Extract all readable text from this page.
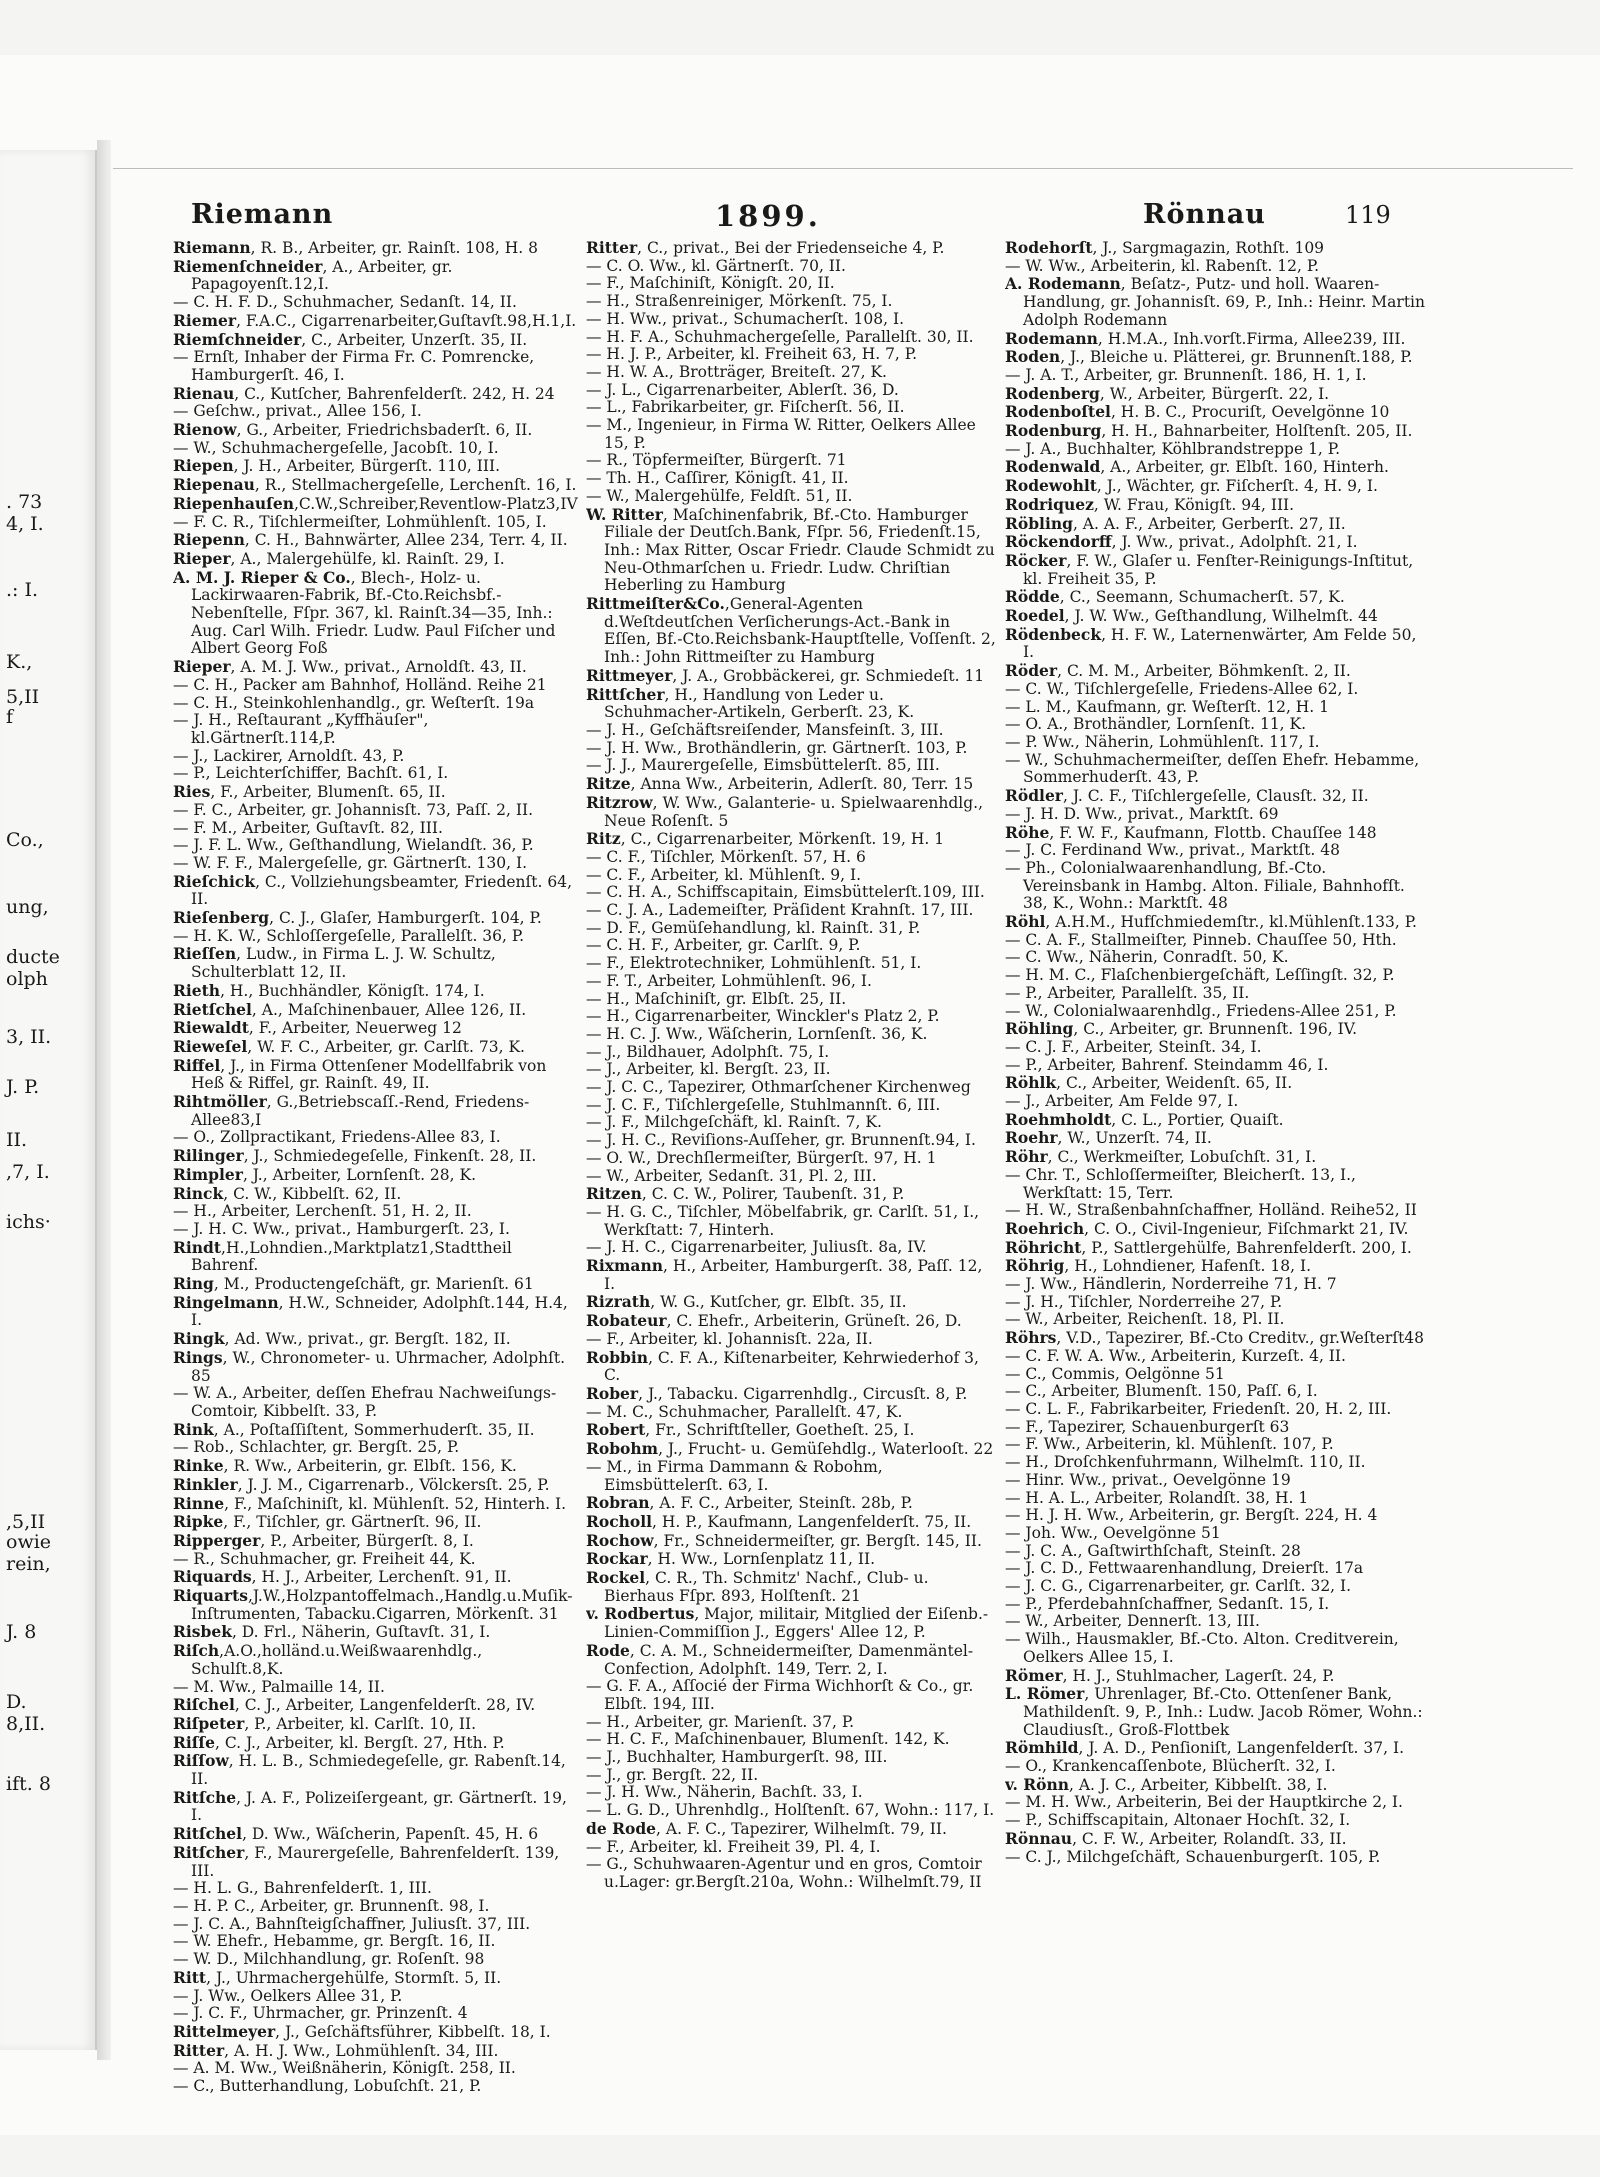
. 73
4, I.
.: I.
K.,
5,II
f
Co.,
ung,
ducte
olph
3, II.
J. P.
II.
,7, I.
ichs·
,5,II
owie
rein,
J. 8
D.
8,II.
ift. 8
Riemann	1899.	Rönnau	119

Riemann, R. B., Arbeiter, gr. Rainſt. 108, H. 8

Riemenſchneider, A., Arbeiter, gr. Papagoyenſt.12,I.

— C. H. F. D., Schuhmacher, Sedanſt. 14, II.

Riemer, F.A.C., Cigarrenarbeiter,Guſtavſt.98,H.1,I.

Riemſchneider, C., Arbeiter, Unzerſt. 35, II.

— Ernſt, Inhaber der Firma Fr. C. Pomrencke, Hamburgerſt. 46, I.

Rienau, C., Kutſcher, Bahrenfelderſt. 242, H. 24

— Geſchw., privat., Allee 156, I.

Rienow, G., Arbeiter, Friedrichsbaderſt. 6, II.

— W., Schuhmachergeſelle, Jacobſt. 10, I.

Riepen, J. H., Arbeiter, Bürgerſt. 110, III.

Riepenau, R., Stellmachergeſelle, Lerchenſt. 16, I.

Riepenhauſen,C.W.,Schreiber,Reventlow-Platz3,IV

— F. C. R., Tiſchlermeiſter, Lohmühlenſt. 105, I.

Riepenn, C. H., Bahnwärter, Allee 234, Terr. 4, II.

Rieper, A., Malergehülfe, kl. Rainſt. 29, I.

A. M. J. Rieper & Co., Blech-, Holz- u. Lackirwaaren-Fabrik, Bf.-Cto.Reichsbf.-Nebenſtelle, Fſpr. 367, kl. Rainſt.34—35, Inh.: Aug. Carl Wilh. Friedr. Ludw. Paul Fiſcher und Albert Georg Foß

Rieper, A. M. J. Ww., privat., Arnoldſt. 43, II.

— C. H., Packer am Bahnhof, Holländ. Reihe 21

— C. H., Steinkohlenhandlg., gr. Weſterſt. 19a

— J. H., Reſtaurant „Kyffhäuſer", kl.Gärtnerſt.114,P.

— J., Lackirer, Arnoldſt. 43, P.

— P., Leichterſchiffer, Bachſt. 61, I.

Ries, F., Arbeiter, Blumenſt. 65, II.

— F. C., Arbeiter, gr. Johannisſt. 73, Paſſ. 2, II.

— F. M., Arbeiter, Guſtavſt. 82, III.

— J. F. L. Ww., Geſthandlung, Wielandſt. 36, P.

— W. F. F., Malergeſelle, gr. Gärtnerſt. 130, I.

Rieſchick, C., Vollziehungsbeamter, Friedenſt. 64, II.

Rieſenberg, C. J., Glaſer, Hamburgerſt. 104, P.

— H. K. W., Schloſſergeſelle, Parallelſt. 36, P.

Rieſſen, Ludw., in Firma L. J. W. Schultz, Schulterblatt 12, II.

Rieth, H., Buchhändler, Königſt. 174, I.

Rietſchel, A., Maſchinenbauer, Allee 126, II.

Riewaldt, F., Arbeiter, Neuerweg 12

Rieweſel, W. F. C., Arbeiter, gr. Carlſt. 73, K.

Riffel, J., in Firma Ottenſener Modellfabrik von Heß & Riffel, gr. Rainſt. 49, II.

Rihtmöller, G.,Betriebscaſſ.-Rend, Friedens-Allee83,I

— O., Zollpractikant, Friedens-Allee 83, I.

Rilinger, J., Schmiedegeſelle, Finkenſt. 28, II.

Rimpler, J., Arbeiter, Lornſenſt. 28, K.

Rinck, C. W., Kibbelſt. 62, II.

— H., Arbeiter, Lerchenſt. 51, H. 2, II.

— J. H. C. Ww., privat., Hamburgerſt. 23, I.

Rindt,H.,Lohndien.,Marktplatz1,Stadttheil Bahrenf.

Ring, M., Productengeſchäft, gr. Marienſt. 61

Ringelmann, H.W., Schneider, Adolphſt.144, H.4, I.

Ringk, Ad. Ww., privat., gr. Bergſt. 182, II.

Rings, W., Chronometer- u. Uhrmacher, Adolphſt. 85

— W. A., Arbeiter, deſſen Ehefrau Nachweiſungs-Comtoir, Kibbelſt. 33, P.

Rink, A., Poſtaſſiſtent, Sommerhuderſt. 35, II.

— Rob., Schlachter, gr. Bergſt. 25, P.

Rinke, R. Ww., Arbeiterin, gr. Elbſt. 156, K.

Rinkler, J. J. M., Cigarrenarb., Völckersſt. 25, P.

Rinne, F., Maſchiniſt, kl. Mühlenſt. 52, Hinterh. I.

Ripke, F., Tiſchler, gr. Gärtnerſt. 96, II.

Ripperger, P., Arbeiter, Bürgerſt. 8, I.

— R., Schuhmacher, gr. Freiheit 44, K.

Riquards, H. J., Arbeiter, Lerchenſt. 91, II.

Riquarts,J.W.,Holzpantoffelmach.,Handlg.u.Muſik-Inſtrumenten, Tabacku.Cigarren, Mörkenſt. 31

Risbek, D. Frl., Näherin, Guſtavſt. 31, I.

Riſch,A.O.,holländ.u.Weißwaarenhdlg., Schulſt.8,K.

— M. Ww., Palmaille 14, II.

Riſchel, C. J., Arbeiter, Langenfelderſt. 28, IV.

Riſpeter, P., Arbeiter, kl. Carlſt. 10, II.

Riſſe, C. J., Arbeiter, kl. Bergſt. 27, Hth. P.

Riſſow, H. L. B., Schmiedegeſelle, gr. Rabenſt.14, II.

Ritſche, J. A. F., Polizeiſergeant, gr. Gärtnerſt. 19, I.

Ritſchel, D. Ww., Wäſcherin, Papenſt. 45, H. 6

Ritſcher, F., Maurergeſelle, Bahrenfelderſt. 139, III.

— H. L. G., Bahrenfelderſt. 1, III.

— H. P. C., Arbeiter, gr. Brunnenſt. 98, I.

— J. C. A., Bahnſteigſchaffner, Juliusſt. 37, III.

— W. Ehefr., Hebamme, gr. Bergſt. 16, II.

— W. D., Milchhandlung, gr. Roſenſt. 98

Ritt, J., Uhrmachergehülfe, Stormſt. 5, II.

— J. Ww., Oelkers Allee 31, P.

— J. C. F., Uhrmacher, gr. Prinzenſt. 4

Rittelmeyer, J., Geſchäftsführer, Kibbelſt. 18, I.

Ritter, A. H. J. Ww., Lohmühlenſt. 34, III.

— A. M. Ww., Weißnäherin, Königſt. 258, II.

— C., Butterhandlung, Lobuſchſt. 21, P.

Ritter, C., privat., Bei der Friedenseiche 4, P.

— C. O. Ww., kl. Gärtnerſt. 70, II.

— F., Maſchiniſt, Königſt. 20, II.

— H., Straßenreiniger, Mörkenſt. 75, I.

— H. Ww., privat., Schumacherſt. 108, I.

— H. F. A., Schuhmachergeſelle, Parallelſt. 30, II.

— H. J. P., Arbeiter, kl. Freiheit 63, H. 7, P.

— H. W. A., Brotträger, Breiteſt. 27, K.

— J. L., Cigarrenarbeiter, Ablerſt. 36, D.

— L., Fabrikarbeiter, gr. Fiſcherſt. 56, II.

— M., Ingenieur, in Firma W. Ritter, Oelkers Allee 15, P.

— R., Töpfermeiſter, Bürgerſt. 71

— Th. H., Caſſirer, Königſt. 41, II.

— W., Malergehülfe, Feldſt. 51, II.

W. Ritter, Maſchinenfabrik, Bf.-Cto. Hamburger Filiale der Deutſch.Bank, Fſpr. 56, Friedenſt.15, Inh.: Max Ritter, Oscar Friedr. Claude Schmidt zu Neu-Othmarſchen u. Friedr. Ludw. Chriſtian Heberling zu Hamburg

Rittmeiſter&Co.,General-Agenten d.Weſtdeutſchen Verſicherungs-Act.-Bank in Eſſen, Bf.-Cto.Reichsbank-Hauptſtelle, Voſſenſt. 2, Inh.: John Rittmeiſter zu Hamburg

Rittmeyer, J. A., Grobbäckerei, gr. Schmiedeſt. 11

Rittſcher, H., Handlung von Leder u. Schuhmacher-Artikeln, Gerberſt. 23, K.

— J. H., Geſchäftsreiſender, Mansfeinſt. 3, III.

— J. H. Ww., Brothändlerin, gr. Gärtnerſt. 103, P.

— J. J., Maurergeſelle, Eimsbüttelerſt. 85, III.

Ritze, Anna Ww., Arbeiterin, Adlerſt. 80, Terr. 15

Ritzrow, W. Ww., Galanterie- u. Spielwaarenhdlg., Neue Roſenſt. 5

Ritz, C., Cigarrenarbeiter, Mörkenſt. 19, H. 1

— C. F., Tiſchler, Mörkenſt. 57, H. 6

— C. F., Arbeiter, kl. Mühlenſt. 9, I.

— C. H. A., Schiffscapitain, Eimsbüttelerſt.109, III.

— C. J. A., Lademeiſter, Präſident Krahnſt. 17, III.

— D. F., Gemüſehandlung, kl. Rainſt. 31, P.

— C. H. F., Arbeiter, gr. Carlſt. 9, P.

— F., Elektrotechniker, Lohmühlenſt. 51, I.

— F. T., Arbeiter, Lohmühlenſt. 96, I.

— H., Maſchiniſt, gr. Elbſt. 25, II.

— H., Cigarrenarbeiter, Winckler's Platz 2, P.

— H. C. J. Ww., Wäſcherin, Lornſenſt. 36, K.

— J., Bildhauer, Adolphſt. 75, I.

— J., Arbeiter, kl. Bergſt. 23, II.

— J. C. C., Tapezirer, Othmarſchener Kirchenweg

— J. C. F., Tiſchlergeſelle, Stuhlmannſt. 6, III.

— J. F., Milchgeſchäft, kl. Rainſt. 7, K.

— J. H. C., Reviſions-Auſſeher, gr. Brunnenſt.94, I.

— O. W., Drechſlermeiſter, Bürgerſt. 97, H. 1

— W., Arbeiter, Sedanſt. 31, Pl. 2, III.

Ritzen, C. C. W., Polirer, Taubenſt. 31, P.

— H. G. C., Tiſchler, Möbelfabrik, gr. Carlſt. 51, I., Werkſtatt: 7, Hinterh.

— J. H. C., Cigarrenarbeiter, Juliusſt. 8a, IV.

Rixmann, H., Arbeiter, Hamburgerſt. 38, Paſſ. 12, I.

Rizrath, W. G., Kutſcher, gr. Elbſt. 35, II.

Robateur, C. Ehefr., Arbeiterin, Grüneſt. 26, D.

— F., Arbeiter, kl. Johannisſt. 22a, II.

Robbin, C. F. A., Kiſtenarbeiter, Kehrwiederhof 3, C.

Rober, J., Tabacku. Cigarrenhdlg., Circusſt. 8, P.

— M. C., Schuhmacher, Parallelſt. 47, K.

Robert, Fr., Schriftſteller, Goetheſt. 25, I.

Robohm, J., Frucht- u. Gemüſehdlg., Waterlooſt. 22

— M., in Firma Dammann & Robohm, Eimsbüttelerſt. 63, I.

Robran, A. F. C., Arbeiter, Steinſt. 28b, P.

Rocholl, H. P., Kaufmann, Langenfelderſt. 75, II.

Rochow, Fr., Schneidermeiſter, gr. Bergſt. 145, II.

Rockar, H. Ww., Lornſenplatz 11, II.

Rockel, C. R., Th. Schmitz' Nachf., Club- u. Bierhaus Fſpr. 893, Holſtenſt. 21

v. Rodbertus, Major, militair, Mitglied der Eiſenb.-Linien-Commiſſion J., Eggers' Allee 12, P.

Rode, C. A. M., Schneidermeiſter, Damenmäntel-Confection, Adolphſt. 149, Terr. 2, I.

— G. F. A., Aſſocié der Firma Wichhorſt & Co., gr. Elbſt. 194, III.

— H., Arbeiter, gr. Marienſt. 37, P.

— H. C. F., Maſchinenbauer, Blumenſt. 142, K.

— J., Buchhalter, Hamburgerſt. 98, III.

— J., gr. Bergſt. 22, II.

— J. H. Ww., Näherin, Bachſt. 33, I.

— L. G. D., Uhrenhdlg., Holſtenſt. 67, Wohn.: 117, I.

de Rode, A. F. C., Tapezirer, Wilhelmſt. 79, II.

— F., Arbeiter, kl. Freiheit 39, Pl. 4, I.

— G., Schuhwaaren-Agentur und en gros, Comtoir u.Lager: gr.Bergſt.210a, Wohn.: Wilhelmſt.79, II

Rodehorſt, J., Sargmagazin, Rothſt. 109

— W. Ww., Arbeiterin, kl. Rabenſt. 12, P.

A. Rodemann, Beſatz-, Putz- und holl. Waaren-Handlung, gr. Johannisſt. 69, P., Inh.: Heinr. Martin Adolph Rodemann

Rodemann, H.M.A., Inh.vorſt.Firma, Allee239, III.

Roden, J., Bleiche u. Plätterei, gr. Brunnenſt.188, P.

— J. A. T., Arbeiter, gr. Brunnenſt. 186, H. 1, I.

Rodenberg, W., Arbeiter, Bürgerſt. 22, I.

Rodenboſtel, H. B. C., Procuriſt, Oevelgönne 10

Rodenburg, H. H., Bahnarbeiter, Holſtenſt. 205, II.

— J. A., Buchhalter, Köhlbrandstreppe 1, P.

Rodenwald, A., Arbeiter, gr. Elbſt. 160, Hinterh.

Rodewohlt, J., Wächter, gr. Fiſcherſt. 4, H. 9, I.

Rodriquez, W. Frau, Königſt. 94, III.

Röbling, A. A. F., Arbeiter, Gerberſt. 27, II.

Röckendorff, J. Ww., privat., Adolphſt. 21, I.

Röcker, F. W., Glaſer u. Fenſter-Reinigungs-Inſtitut, kl. Freiheit 35, P.

Rödde, C., Seemann, Schumacherſt. 57, K.

Roedel, J. W. Ww., Geſthandlung, Wilhelmſt. 44

Rödenbeck, H. F. W., Laternenwärter, Am Felde 50, I.

Röder, C. M. M., Arbeiter, Böhmkenſt. 2, II.

— C. W., Tiſchlergeſelle, Friedens-Allee 62, I.

— L. M., Kaufmann, gr. Weſterſt. 12, H. 1

— O. A., Brothändler, Lornſenſt. 11, K.

— P. Ww., Näherin, Lohmühlenſt. 117, I.

— W., Schuhmachermeiſter, deſſen Ehefr. Hebamme, Sommerhuderſt. 43, P.

Rödler, J. C. F., Tiſchlergeſelle, Clausſt. 32, II.

— J. H. D. Ww., privat., Marktſt. 69

Röhe, F. W. F., Kaufmann, Flottb. Chauſſee 148

— J. C. Ferdinand Ww., privat., Marktſt. 48

— Ph., Colonialwaarenhandlung, Bf.-Cto. Vereinsbank in Hambg. Alton. Filiale, Bahnhofſt. 38, K., Wohn.: Marktſt. 48

Röhl, A.H.M., Hufſchmiedemſtr., kl.Mühlenſt.133, P.

— C. A. F., Stallmeiſter, Pinneb. Chauſſee 50, Hth.

— C. Ww., Näherin, Conradſt. 50, K.

— H. M. C., Flaſchenbiergeſchäft, Leſſingſt. 32, P.

— P., Arbeiter, Parallelſt. 35, II.

— W., Colonialwaarenhdlg., Friedens-Allee 251, P.

Röhling, C., Arbeiter, gr. Brunnenſt. 196, IV.

— C. J. F., Arbeiter, Steinſt. 34, I.

— P., Arbeiter, Bahrenf. Steindamm 46, I.

Röhlk, C., Arbeiter, Weidenſt. 65, II.

— J., Arbeiter, Am Felde 97, I.

Roehmholdt, C. L., Portier, Quaiſt.

Roehr, W., Unzerſt. 74, II.

Röhr, C., Werkmeiſter, Lobuſchſt. 31, I.

— Chr. T., Schloſſermeiſter, Bleicherſt. 13, I., Werkſtatt: 15, Terr.

— H. W., Straßenbahnſchaffner, Holländ. Reihe52, II

Roehrich, C. O., Civil-Ingenieur, Fiſchmarkt 21, IV.

Röhricht, P., Sattlergehülfe, Bahrenfelderſt. 200, I.

Röhrig, H., Lohndiener, Hafenſt. 18, I.

— J. Ww., Händlerin, Norderreihe 71, H. 7

— J. H., Tiſchler, Norderreihe 27, P.

— W., Arbeiter, Reichenſt. 18, Pl. II.

Röhrs, V.D., Tapezirer, Bf.-Cto Creditv., gr.Weſterſt48

— C. F. W. A. Ww., Arbeiterin, Kurzeſt. 4, II.

— C., Commis, Oelgönne 51

— C., Arbeiter, Blumenſt. 150, Paſſ. 6, I.

— C. L. F., Fabrikarbeiter, Friedenſt. 20, H. 2, III.

— F., Tapezirer, Schauenburgerſt 63

— F. Ww., Arbeiterin, kl. Mühlenſt. 107, P.

— H., Droſchkenfuhrmann, Wilhelmſt. 110, II.

— Hinr. Ww., privat., Oevelgönne 19

— H. A. L., Arbeiter, Rolandſt. 38, H. 1

— H. J. H. Ww., Arbeiterin, gr. Bergſt. 224, H. 4

— Joh. Ww., Oevelgönne 51

— J. C. A., Gaſtwirthſchaft, Steinſt. 28

— J. C. D., Fettwaarenhandlung, Dreierſt. 17a

— J. C. G., Cigarrenarbeiter, gr. Carlſt. 32, I.

— P., Pferdebahnſchaffner, Sedanſt. 15, I.

— W., Arbeiter, Dennerſt. 13, III.

— Wilh., Hausmakler, Bf.-Cto. Alton. Creditverein, Oelkers Allee 15, I.

Römer, H. J., Stuhlmacher, Lagerſt. 24, P.

L. Römer, Uhrenlager, Bf.-Cto. Ottenſener Bank, Mathildenſt. 9, P., Inh.: Ludw. Jacob Römer, Wohn.: Claudiusſt., Groß-Flottbek

Römhild, J. A. D., Penſioniſt, Langenfelderſt. 37, I.

— O., Krankencaſſenbote, Blücherſt. 32, I.

v. Rönn, A. J. C., Arbeiter, Kibbelſt. 38, I.

— M. H. Ww., Arbeiterin, Bei der Hauptkirche 2, I.

— P., Schiffscapitain, Altonaer Hochſt. 32, I.

Rönnau, C. F. W., Arbeiter, Rolandſt. 33, II.

— C. J., Milchgeſchäft, Schauenburgerſt. 105, P.
